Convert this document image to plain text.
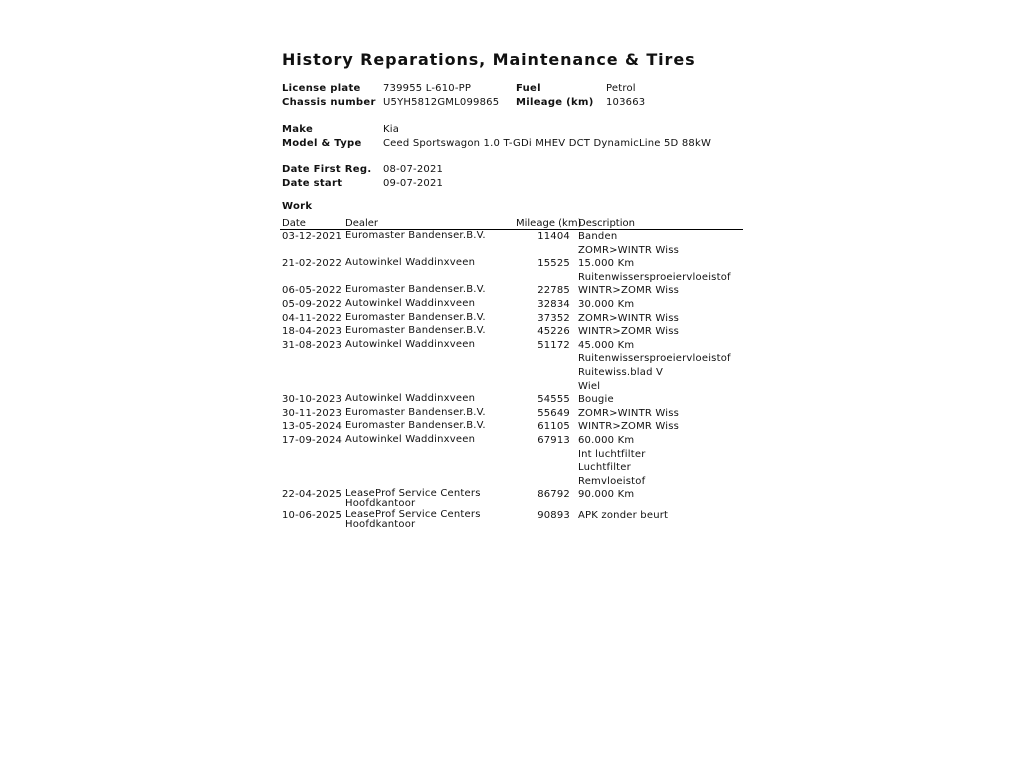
History Reparations, Maintenance & Tires
License plate 739955 L-610-PP	Fuel	Petrol
Chassis number U5YH5812GML099865 Mileage (km) 103663
Make	Kia
Model & Type Ceed Sportswagon 1.0 T-GDi MHEV DCT DynamicLine 5D 88kW
Date First Reg. 08-07-2021
Date start	09-07-2021
Work
Date	Dealer	Mileage (km)	Description

03-12-2021	Euromaster Bandenser.B.V.	11404	Banden
ZOMR>WINTR Wiss

21-02-2022	Autowinkel Waddinxveen	15525	15.000 Km
Ruitenwissersproeiervloeistof

06-05-2022	Euromaster Bandenser.B.V.	22785	WINTR>ZOMR Wiss

05-09-2022	Autowinkel Waddinxveen	32834	30.000 Km

04-11-2022	Euromaster Bandenser.B.V.	37352	ZOMR>WINTR Wiss

18-04-2023	Euromaster Bandenser.B.V.	45226	WINTR>ZOMR Wiss

31-08-2023	Autowinkel Waddinxveen	51172	45.000 Km
Ruitenwissersproeiervloeistof
Ruitewiss.blad V
Wiel

30-10-2023	Autowinkel Waddinxveen	54555	Bougie

30-11-2023	Euromaster Bandenser.B.V.	55649	ZOMR>WINTR Wiss

13-05-2024	Euromaster Bandenser.B.V.	61105	WINTR>ZOMR Wiss

17-09-2024	Autowinkel Waddinxveen	67913	60.000 Km
Int luchtfilter
Luchtfilter
Remvloeistof

22-04-2025	LeaseProf Service Centers Hoofdkantoor	86792	90.000 Km

10-06-2025	LeaseProf Service Centers Hoofdkantoor	90893	APK zonder beurt
